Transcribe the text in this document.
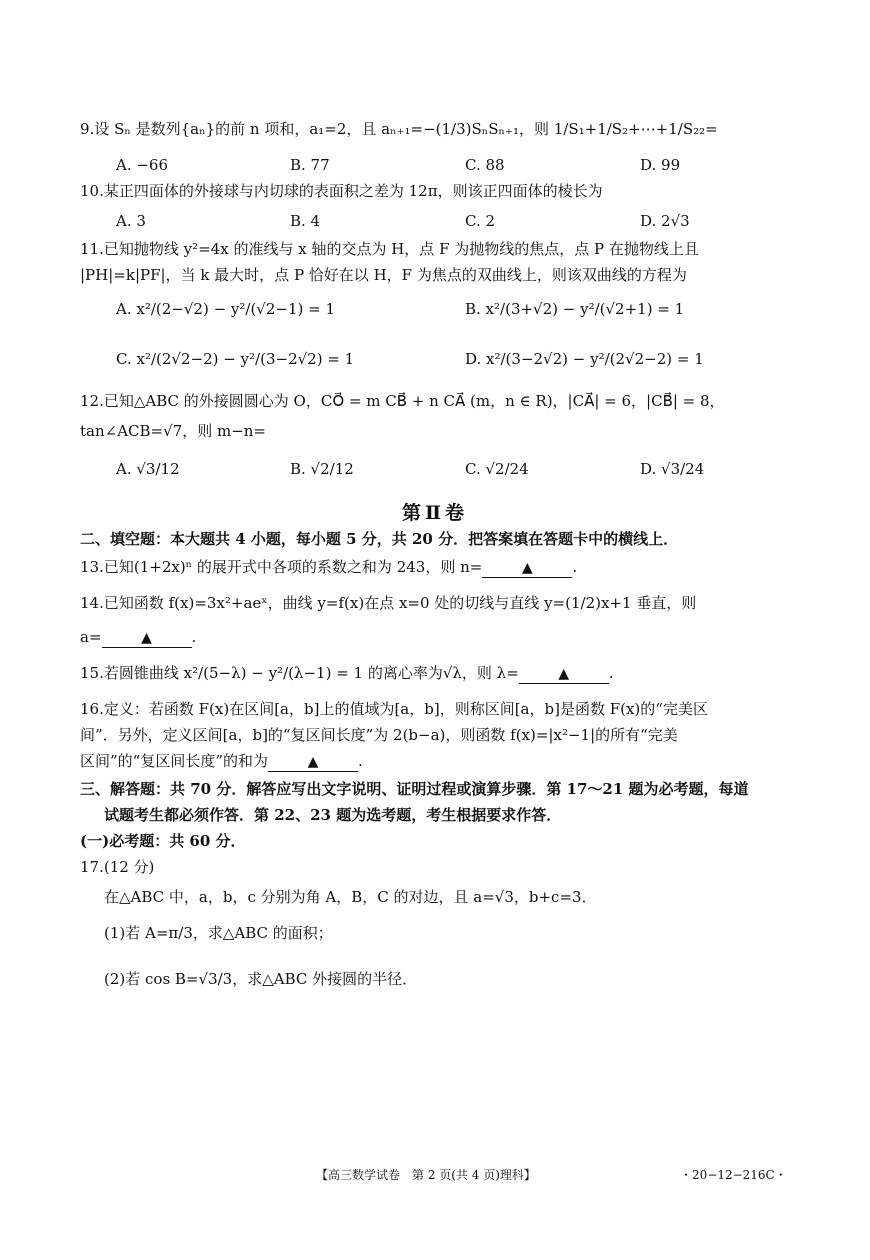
9.设 Sₙ 是数列{aₙ}的前 n 项和，a₁=2，且 aₙ₊₁=−(1/3)SₙSₙ₊₁，则 1/S₁+1/S₂+⋯+1/S₂₂=
A. −66	B. 77	C. 88	D. 99
10.某正四面体的外接球与内切球的表面积之差为 12π，则该正四面体的棱长为
A. 3	B. 4	C. 2	D. 2√3
11.已知抛物线 y²=4x 的准线与 x 轴的交点为 H，点 F 为抛物线的焦点，点 P 在抛物线上且
|PH|=k|PF|，当 k 最大时，点 P 恰好在以 H，F 为焦点的双曲线上，则该双曲线的方程为
A. x²/(2−√2) − y²/(√2−1) = 1	B. x²/(3+√2) − y²/(√2+1) = 1
C. x²/(2√2−2) − y²/(3−2√2) = 1	D. x²/(3−2√2) − y²/(2√2−2) = 1
12.已知△ABC 的外接圆圆心为 O，CO⃗ = m CB⃗ + n CA⃗ (m，n ∈ R)，|CA⃗| = 6，|CB⃗| = 8，
tan∠ACB=√7，则 m−n=
A. √3/12	B. √2/12	C. √2/24	D. √3/24
第Ⅱ卷
二、填空题：本大题共 4 小题，每小题 5 分，共 20 分．把答案填在答题卡中的横线上．
13.已知(1+2x)ⁿ 的展开式中各项的系数之和为 243，则 n=	▲	.
14.已知函数 f(x)=3x²+aeˣ，曲线 y=f(x)在点 x=0 处的切线与直线 y=(1/2)x+1 垂直，则
a=	▲	.
15.若圆锥曲线 x²/(5−λ) − y²/(λ−1) = 1 的离心率为√λ，则 λ=	▲	.
16.定义：若函数 F(x)在区间[a，b]上的值域为[a，b]，则称区间[a，b]是函数 F(x)的“完美区
间”．另外，定义区间[a，b]的“复区间长度”为 2(b−a)，则函数 f(x)=|x²−1|的所有“完美
区间”的“复区间长度”的和为	▲	.
三、解答题：共 70 分．解答应写出文字说明、证明过程或演算步骤．第 17～21 题为必考题，每道
试题考生都必须作答．第 22、23 题为选考题，考生根据要求作答．
(一)必考题：共 60 分．
17.(12 分)
在△ABC 中，a，b，c 分别为角 A，B，C 的对边，且 a=√3，b+c=3．
(1)若 A=π/3，求△ABC 的面积；
(2)若 cos B=√3/3，求△ABC 外接圆的半径．
【高三数学试卷　第 2 页(共 4 页)理科】	・20−12−216C・
